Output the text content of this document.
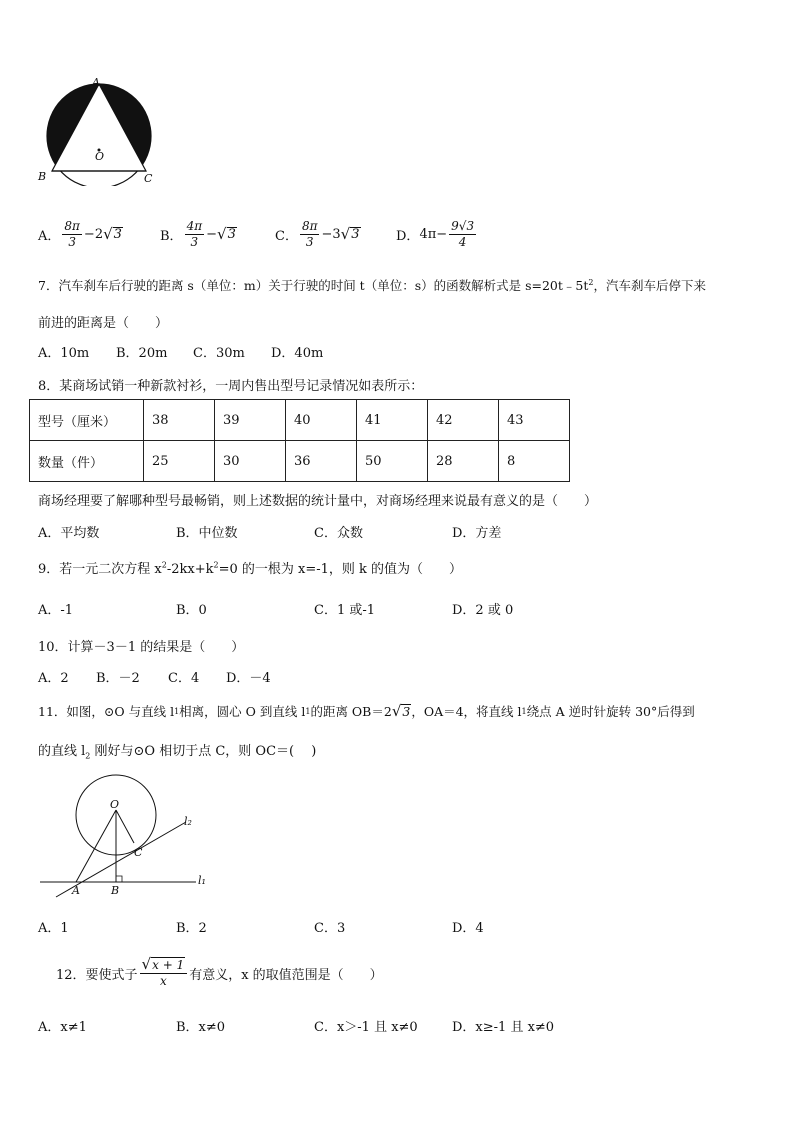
A
O
B	C
A． $\frac{8\pi}{3} -2$ √ 3	B． $\frac{4\pi}{3}$ − √ 3	C． $\frac{8\pi}{3} -3$ √ 3	D． $4\pi- \frac{9√3}{4}$
7．汽车刹车后行驶的距离 s（单位：m）关于行驶的时间 t（单位：s）的函数解析式是 $s=20t﹣5t^2$，汽车刹车后停下来
前进的距离是（　　）
A．10m	B．20m	C．30m	D．40m
8．某商场试销一种新款衬衫，一周内售出型号记录情况如表所示：
型号（厘米）	38	39	40	41	42	43
数量（件）	25	30	36	50	28	8
商场经理要了解哪种型号最畅销，则上述数据的统计量中，对商场经理来说最有意义的是（　　）
A．平均数	B．中位数	C．众数	D．方差
9．若一元二次方程 $x^2-2kx+k^2=0$ 的一根为 x=-1，则 k 的值为（　　）
A．-1	B．0	C．1 或-1	D．2 或 0
10．计算－3－1 的结果是（　　）
A．2	B．－2	C．4	D．－4
11．如图，⊙O 与直线 l 1 相离，圆心 O 到直线 l 1 的距离 OB＝2 √ 3 ，OA＝4，将直线 l 1 绕点 A 逆时针旋转 30°后得到
的直线 $l_2$ 刚好与⊙O 相切于点 C，则 OC＝(　 )
O
C
A	B
l₂
l₁
A．1	B．2	C．3	D．4
12．要使式子 $\frac{√ x + 1}{x}$ 有意义，x 的取值范围是（　　）
A．x≠1	B．x≠0	C．x＞-1 且 x≠0	D．x≥-1 且 x≠0
